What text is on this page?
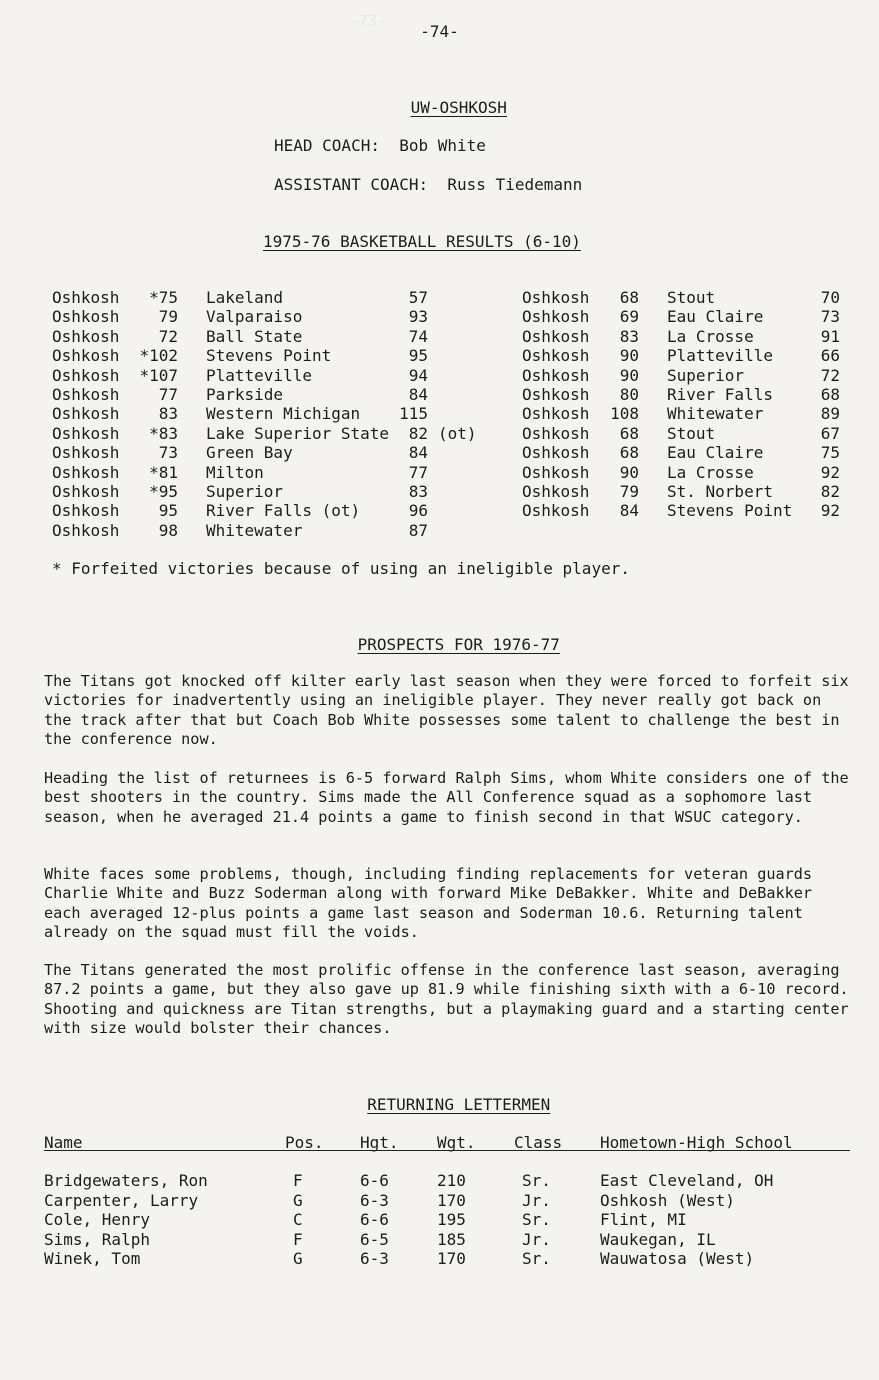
-73-
-74-

UW-OSHKOSH

HEAD COACH:  Bob White
ASSISTANT COACH:  Russ Tiedemann
1975-76 BASKETBALL RESULTS (6-10)
Oshkosh	*75 Lakeland	57
Oshkosh	79 Valparaiso	93
Oshkosh	72 Ball State	74
Oshkosh	*102 Stevens Point	95
Oshkosh	*107 Platteville	94
Oshkosh	77 Parkside	84
Oshkosh	83 Western Michigan	115
Oshkosh	*83 Lake Superior State	82 (ot)
Oshkosh	73 Green Bay	84
Oshkosh	*81 Milton	77
Oshkosh	*95 Superior	83
Oshkosh	95 River Falls (ot)	96
Oshkosh	98 Whitewater	87
Oshkosh	68 Stout	70
Oshkosh	69 Eau Claire	73
Oshkosh	83 La Crosse	91
Oshkosh	90 Platteville	66
Oshkosh	90 Superior	72
Oshkosh	80 River Falls	68
Oshkosh	108 Whitewater	89
Oshkosh	68 Stout	67
Oshkosh	68 Eau Claire	75
Oshkosh	90 La Crosse	92
Oshkosh	79 St. Norbert	82
Oshkosh	84 Stevens Point	92
* Forfeited victories because of using an ineligible player.

PROSPECTS FOR 1976-77

The Titans got knocked off kilter early last season when they were forced to forfeit six victories for inadvertently using an ineligible player. They never really got back on the track after that but Coach Bob White possesses some talent to challenge the best in the conference now.
Heading the list of returnees is 6-5 forward Ralph Sims, whom White considers one of the best shooters in the country. Sims made the All Conference squad as a sophomore last season, when he averaged 21.4 points a game to finish second in that WSUC category.
White faces some problems, though, including finding replacements for veteran guards Charlie White and Buzz Soderman along with forward Mike DeBakker. White and DeBakker each averaged 12-plus points a game last season and Soderman 10.6. Returning talent already on the squad must fill the voids.
The Titans generated the most prolific offense in the conference last season, averaging 87.2 points a game, but they also gave up 81.9 while finishing sixth with a 6-10 record. Shooting and quickness are Titan strengths, but a playmaking guard and a starting center with size would bolster their chances.

RETURNING LETTERMEN

Name	Pos. Hgt. Wgt. Class Hometown-High School
Bridgewaters, Ron	F	6-6	210	Sr.	East Cleveland, OH
Carpenter, Larry	G	6-3	170	Jr.	Oshkosh (West)
Cole, Henry	C	6-6	195	Sr.	Flint, MI
Sims, Ralph	F	6-5	185	Jr.	Waukegan, IL
Winek, Tom	G	6-3	170	Sr.	Wauwatosa (West)
